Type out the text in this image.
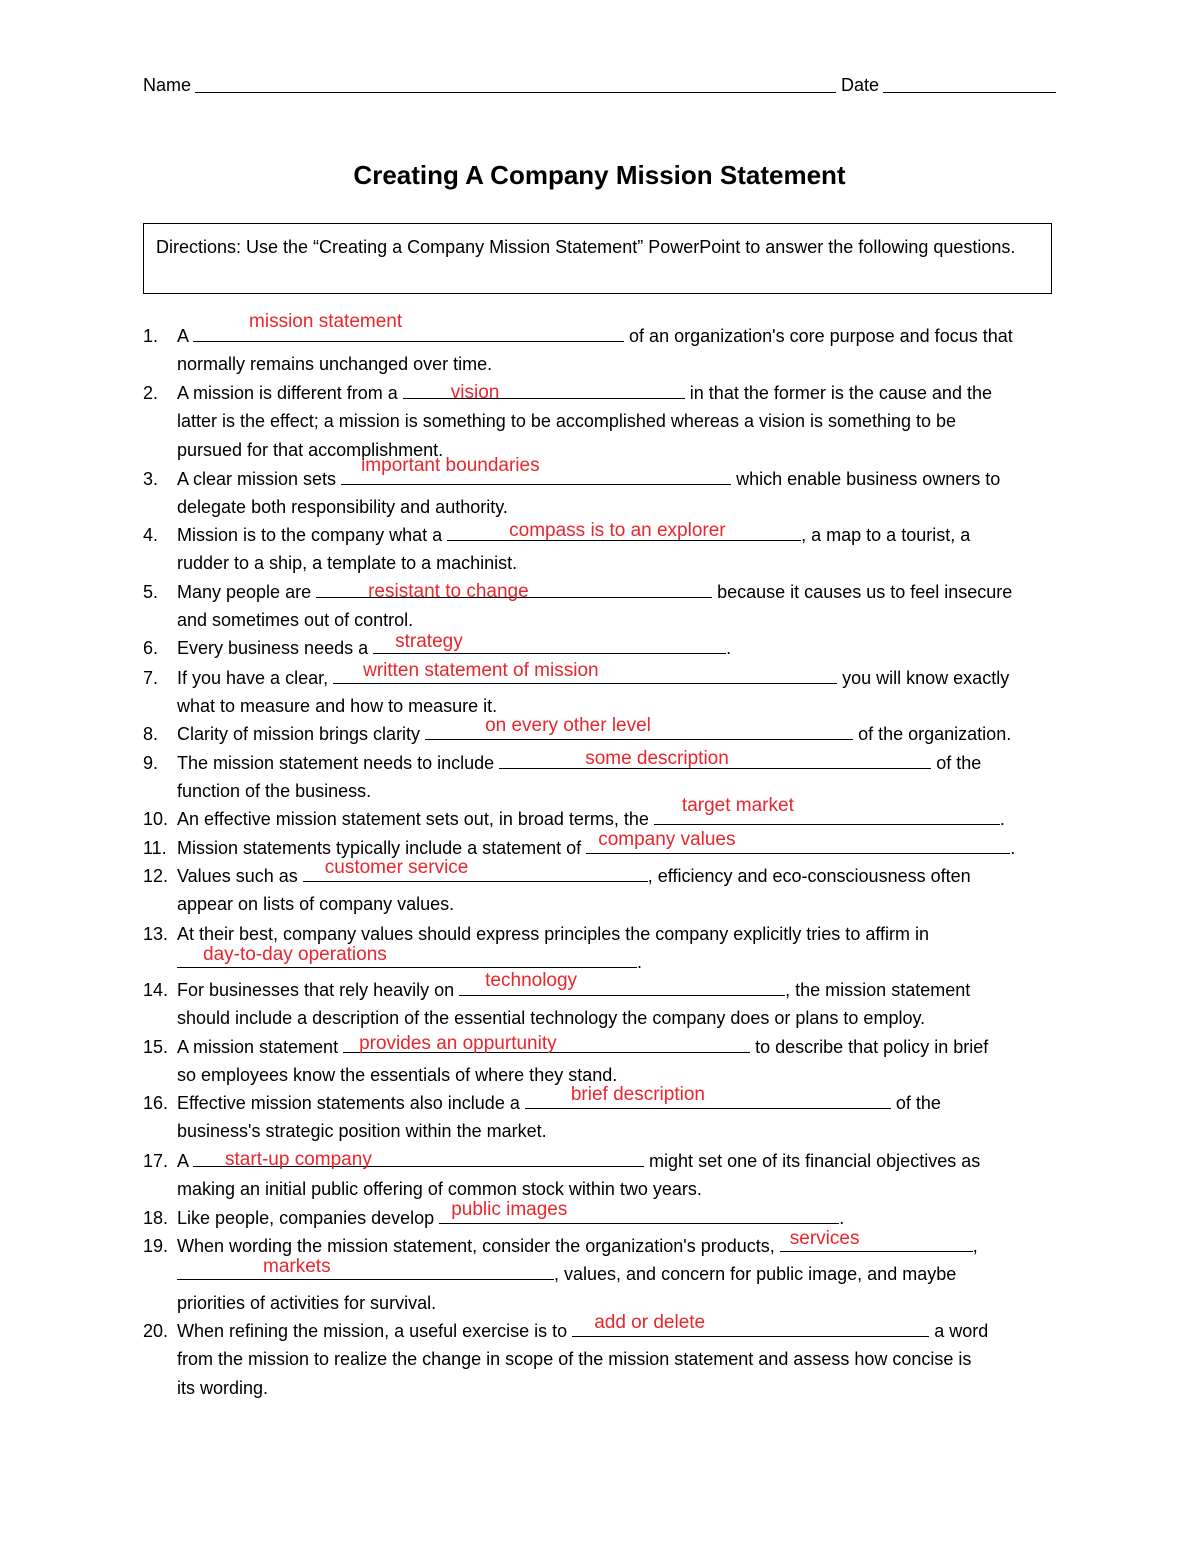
Name	Date
Creating A Company Mission Statement
Directions: Use the “Creating a Company Mission Statement” PowerPoint to answer the following questions.
1.	A
mission statement
of an organization's core purpose and focus that
normally remains unchanged over time.
2.	A mission is different from a	vision	in that the former is the cause and the
latter is the effect; a mission is something to be accomplished whereas a vision is something to be
pursued for that accomplishment.
3.	A clear mission sets
important boundaries
which enable business owners to
delegate both responsibility and authority.
4.	Mission is to the company what a	compass is to an explorer	, a map to a tourist, a
rudder to a ship, a template to a machinist.
5.	Many people are	resistant to change	because it causes us to feel insecure
and sometimes out of control.
6.	Every business needs a strategy	.
7.	If you have a clear, written statement of mission	you will know exactly
what to measure and how to measure it.
8.	Clarity of mission brings clarity	on every other level	of the organization.
9.	The mission statement needs to include	some description	of the
function of the business.
10. An effective mission statement sets out, in broad terms, the
target market
.
11. Mission statements typically include a statement of company values	.
12. Values such as customer service	, efficiency and eco-consciousness often
appear on lists of company values.
13. At their best, company values should express principles the company explicitly tries to affirm in
day-to-day operations	.
14. For businesses that rely heavily on technology	, the mission statement
should include a description of the essential technology the company does or plans to employ.
15. A mission statement provides an oppurtunity	to describe that policy in brief
so employees know the essentials of where they stand.
16. Effective mission statements also include a	brief description	of the
business's strategic position within the market.
17. A start-up company	might set one of its financial objectives as
making an initial public offering of common stock within two years.
18. Like people, companies develop public images	.
19. When wording the mission statement, consider the organization's products, services	,
markets	, values, and concern for public image, and maybe
priorities of activities for survival.
20. When refining the mission, a useful exercise is to add or delete	a word
from the mission to realize the change in scope of the mission statement and assess how concise is
its wording.
